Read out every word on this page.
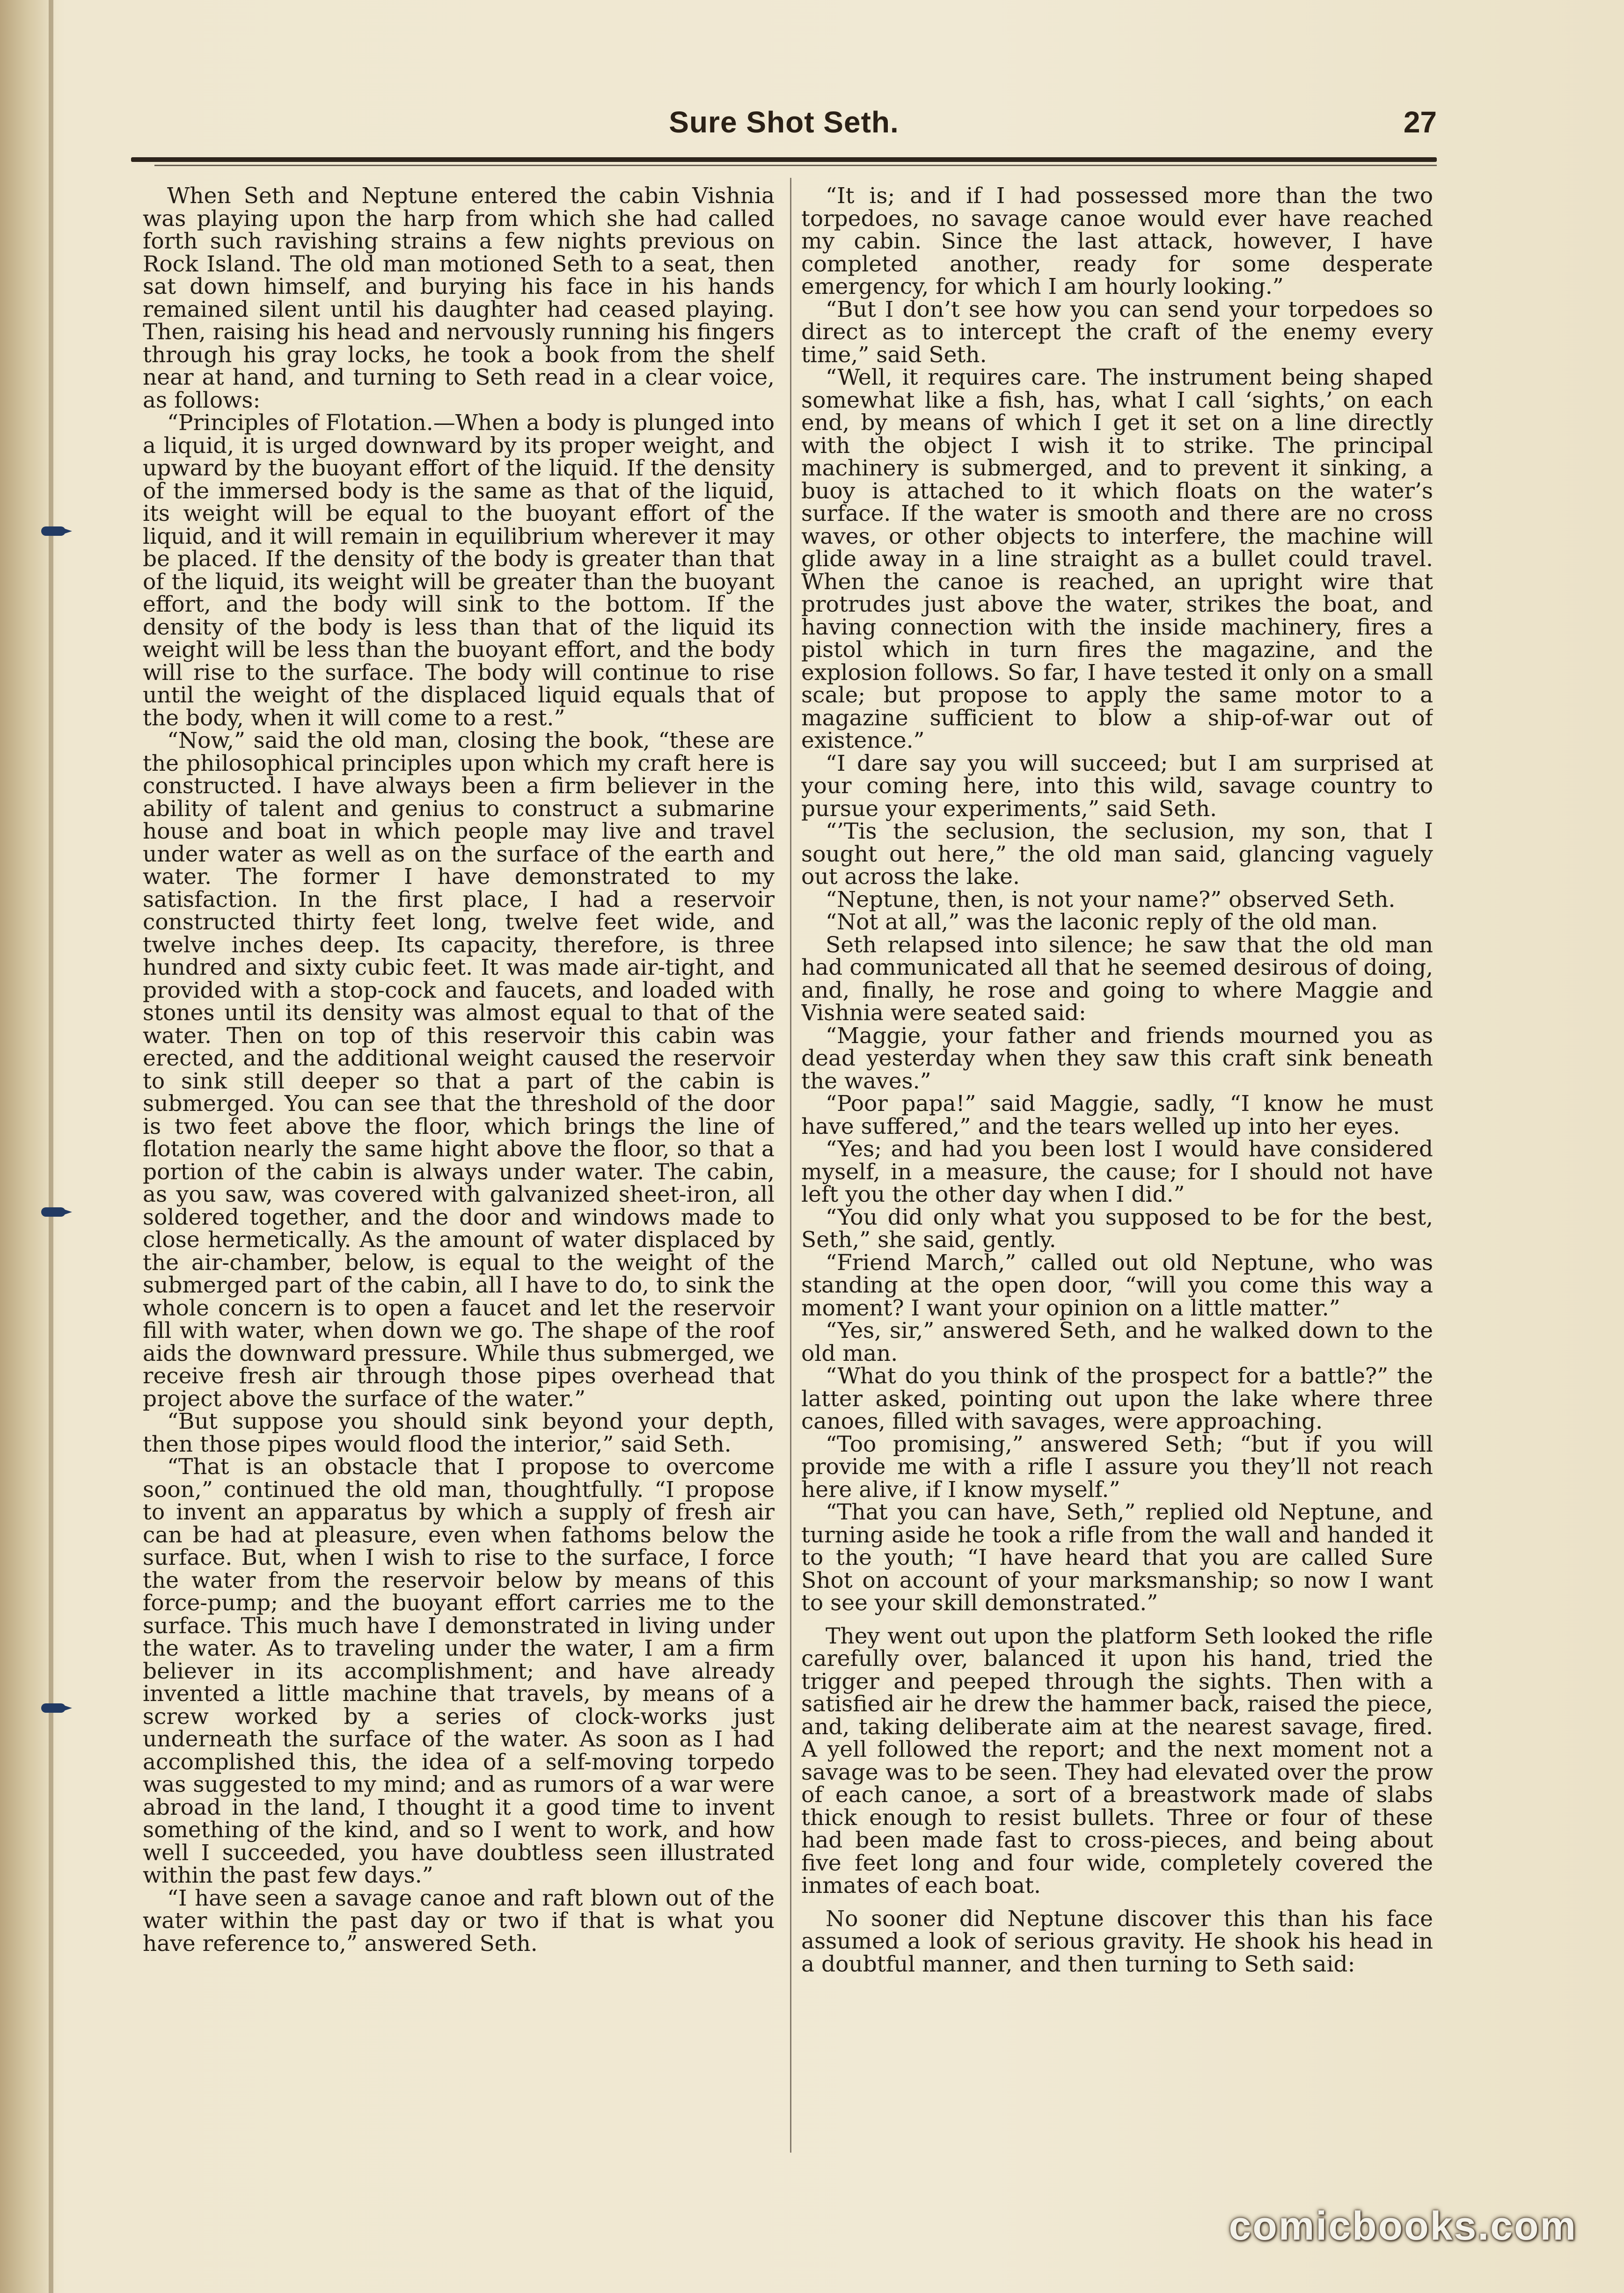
Sure Shot Seth.	27

When Seth and Neptune entered the cabin Vishnia was playing upon the harp from which she had called forth such ravishing strains a few nights previous on Rock Island. The old man motioned Seth to a seat, then sat down himself, and burying his face in his hands remained silent until his daughter had ceased playing. Then, raising his head and nervously running his fingers through his gray locks, he took a book from the shelf near at hand, and turning to Seth read in a clear voice, as follows:

“Principles of Flotation.—When a body is plunged into a liquid, it is urged downward by its proper weight, and upward by the buoyant effort of the liquid. If the density of the immersed body is the same as that of the liquid, its weight will be equal to the buoyant effort of the liquid, and it will remain in equilibrium wherever it may be placed. If the density of the body is greater than that of the liquid, its weight will be greater than the buoyant effort, and the body will sink to the bottom. If the density of the body is less than that of the liquid its weight will be less than the buoyant effort, and the body will rise to the surface. The body will continue to rise until the weight of the displaced liquid equals that of the body, when it will come to a rest.”

“Now,” said the old man, closing the book, “these are the philosophical principles upon which my craft here is constructed. I have always been a firm believer in the ability of talent and genius to construct a submarine house and boat in which people may live and travel under water as well as on the surface of the earth and water. The former I have demonstrated to my satisfaction. In the first place, I had a reservoir constructed thirty feet long, twelve feet wide, and twelve inches deep. Its capacity, therefore, is three hundred and sixty cubic feet. It was made air-tight, and provided with a stop-cock and faucets, and loaded with stones until its density was almost equal to that of the water. Then on top of this reservoir this cabin was erected, and the additional weight caused the reservoir to sink still deeper so that a part of the cabin is submerged. You can see that the threshold of the door is two feet above the floor, which brings the line of flotation nearly the same hight above the floor, so that a portion of the cabin is always under water. The cabin, as you saw, was covered with galvanized sheet-iron, all soldered together, and the door and windows made to close hermetically. As the amount of water displaced by the air-chamber, below, is equal to the weight of the submerged part of the cabin, all I have to do, to sink the whole concern is to open a faucet and let the reservoir fill with water, when down we go. The shape of the roof aids the downward pressure. While thus submerged, we receive fresh air through those pipes overhead that project above the surface of the water.”

“But suppose you should sink beyond your depth, then those pipes would flood the interior,” said Seth.

“That is an obstacle that I propose to overcome soon,” continued the old man, thoughtfully. “I propose to invent an apparatus by which a supply of fresh air can be had at pleasure, even when fathoms below the surface. But, when I wish to rise to the surface, I force the water from the reservoir below by means of this force-pump; and the buoyant effort carries me to the surface. This much have I demonstrated in living under the water. As to traveling under the water, I am a firm believer in its accomplishment; and have already invented a little machine that travels, by means of a screw worked by a series of clock-works just underneath the surface of the water. As soon as I had accomplished this, the idea of a self-moving torpedo was suggested to my mind; and as rumors of a war were abroad in the land, I thought it a good time to invent something of the kind, and so I went to work, and how well I succeeded, you have doubtless seen illustrated within the past few days.”

“I have seen a savage canoe and raft blown out of the water within the past day or two if that is what you have reference to,” answered Seth.

“It is; and if I had possessed more than the two torpedoes, no savage canoe would ever have reached my cabin. Since the last attack, however, I have completed another, ready for some desperate emergency, for which I am hourly looking.”

“But I don’t see how you can send your torpedoes so direct as to intercept the craft of the enemy every time,” said Seth.

“Well, it requires care. The instrument being shaped somewhat like a fish, has, what I call ‘sights,’ on each end, by means of which I get it set on a line directly with the object I wish it to strike. The principal machinery is submerged, and to prevent it sinking, a buoy is attached to it which floats on the water’s surface. If the water is smooth and there are no cross waves, or other objects to interfere, the machine will glide away in a line straight as a bullet could travel. When the canoe is reached, an upright wire that protrudes just above the water, strikes the boat, and having connection with the inside machinery, fires a pistol which in turn fires the magazine, and the explosion follows. So far, I have tested it only on a small scale; but propose to apply the same motor to a magazine sufficient to blow a ship-of-war out of existence.”

“I dare say you will succeed; but I am surprised at your coming here, into this wild, savage country to pursue your experiments,” said Seth.

“’Tis the seclusion, the seclusion, my son, that I sought out here,” the old man said, glancing vaguely out across the lake.

“Neptune, then, is not your name?” observed Seth.

“Not at all,” was the laconic reply of the old man.

Seth relapsed into silence; he saw that the old man had communicated all that he seemed desirous of doing, and, finally, he rose and going to where Maggie and Vishnia were seated said:

“Maggie, your father and friends mourned you as dead yesterday when they saw this craft sink beneath the waves.”

“Poor papa!” said Maggie, sadly, “I know he must have suffered,” and the tears welled up into her eyes.

“Yes; and had you been lost I would have considered myself, in a measure, the cause; for I should not have left you the other day when I did.”

“You did only what you supposed to be for the best, Seth,” she said, gently.

“Friend March,” called out old Neptune, who was standing at the open door, “will you come this way a moment? I want your opinion on a little matter.”

“Yes, sir,” answered Seth, and he walked down to the old man.

“What do you think of the prospect for a battle?” the latter asked, pointing out upon the lake where three canoes, filled with savages, were approaching.

“Too promising,” answered Seth; “but if you will provide me with a rifle I assure you they’ll not reach here alive, if I know myself.”

“That you can have, Seth,” replied old Neptune, and turning aside he took a rifle from the wall and handed it to the youth; “I have heard that you are called Sure Shot on account of your marksmanship; so now I want to see your skill demonstrated.”

They went out upon the platform Seth looked the rifle carefully over, balanced it upon his hand, tried the trigger and peeped through the sights. Then with a satisfied air he drew the hammer back, raised the piece, and, taking deliberate aim at the nearest savage, fired. A yell followed the report; and the next moment not a savage was to be seen. They had elevated over the prow of each canoe, a sort of a breastwork made of slabs thick enough to resist bullets. Three or four of these had been made fast to cross-pieces, and being about five feet long and four wide, completely covered the inmates of each boat.

No sooner did Neptune discover this than his face assumed a look of serious gravity. He shook his head in a doubtful manner, and then turning to Seth said:

comicbooks.com
